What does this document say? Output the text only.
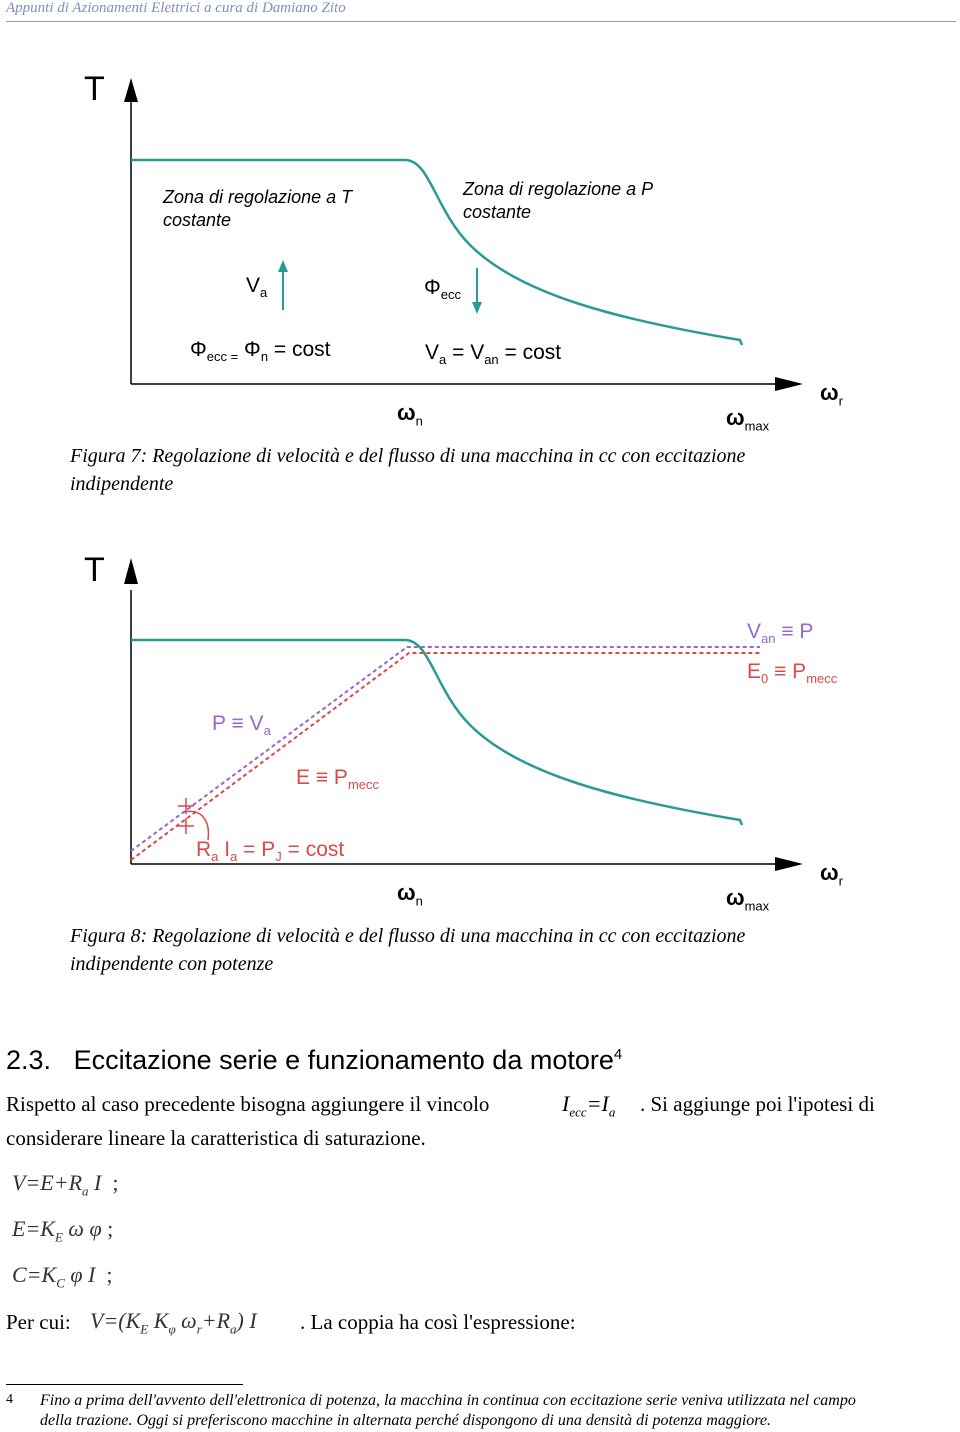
Appunti di Azionamenti Elettrici a cura di Damiano Zito
T
Zona di regolazione a T
costante
Zona di regolazione a P
costante
$V_a$	$\Phi_{ecc}$
$\Phi_{ecc =}$ $\Phi_n = \cos t$	$V_a = V_{an} = \cos t$
$\omega_n$	$\omega_{max}$
$\omega_r$
Figura 7: Regolazione di velocità e del flusso di una macchina in cc con eccitazione
indipendente
T
$V_{an} \equiv P$
$E_0 \equiv P_{mecc}$
$P \equiv V_a$
$E \equiv P_{mecc}$
$R_a$ $I_a = P_J = \cos t$
$\omega_n$	$\omega_{max}$
$\omega_r$
Figura 8: Regolazione di velocità e del flusso di una macchina in cc con eccitazione
indipendente con potenze
2.3. Eccitazione serie e funzionamento da motore$^4$
Rispetto al caso precedente bisogna aggiungere il vincolo	$I_{ecc}=I_a$ . Si aggiunge poi l'ipotesi di
considerare lineare la caratteristica di saturazione.
$V=E+R_a$ I  ;
$E=K_E$ ω φ ;
$C=K_C$ φ I  ;
Per cui: $V=(K_E$ $K_\varphi$ $\omega_r+R_a$) I . La coppia ha così l'espressione:
4 Fino a prima dell'avvento dell'elettronica di potenza, la macchina in continua con eccitazione serie veniva utilizzata nel campo
della trazione. Oggi si preferiscono macchine in alternata perché dispongono di una densità di potenza maggiore.
